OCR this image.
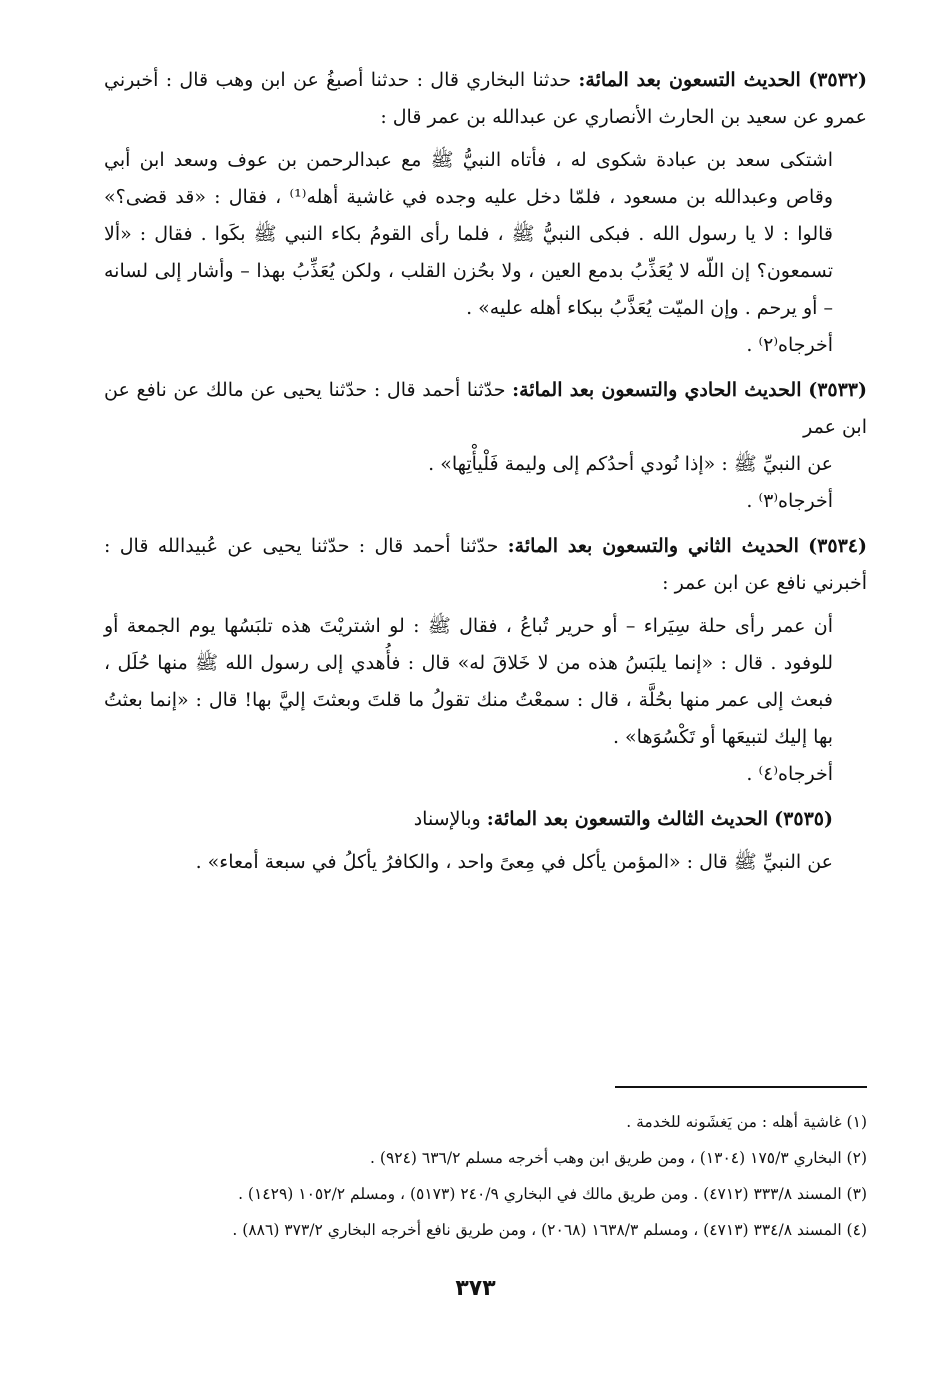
(٣٥٣٢) الحديث التسعون بعد المائة: حدثنا البخاري قال : حدثنا أصبغُ عن ابن وهب قال : أخبرني عمرو عن سعيد بن الحارث الأنصاري عن عبدالله بن عمر قال :

اشتكى سعد بن عبادة شكوى له ، فأتاه النبيُّ ﷺ مع عبدالرحمن بن عوف وسعد ابن أبي وقاص وعبدالله بن مسعود ، فلمّا دخل عليه وجده في غاشية أهله⁽¹⁾ ، فقال : «قد قضى؟» قالوا : لا يا رسول الله . فبكى النبيُّ ﷺ ، فلما رأى القومُ بكاء النبي ﷺ بكَوا . فقال : «ألا تسمعون؟ إن اللّه لا يُعَذِّبُ بدمع العين ، ولا بحُزن القلب ، ولكن يُعَذِّبُ بهذا – وأشار إلى لسانه – أو يرحم . وإن الميّت يُعَذَّبُ ببكاء أهله عليه» .

أخرجاه⁽٢⁾ .

(٣٥٣٣) الحديث الحادي والتسعون بعد المائة: حدّثنا أحمد قال : حدّثنا يحيى عن مالك عن نافع عن ابن عمر

عن النبيِّ ﷺ : «إذا نُودي أحدُكم إلى وليمة فَلْيأْتِها» .

أخرجاه⁽٣⁾ .

(٣٥٣٤) الحديث الثاني والتسعون بعد المائة: حدّثنا أحمد قال : حدّثنا يحيى عن عُبيدالله قال : أخبرني نافع عن ابن عمر :

أن عمر رأى حلة سِيَراء – أو حرير تُباعُ ، فقال ﷺ : لو اشتريْتَ هذه تلبَسُها يوم الجمعة أو للوفود . قال : «إنما يلبَسُ هذه من لا خَلاقَ له» قال : فأُهدي إلى رسول الله ﷺ منها حُلَل ، فبعث إلى عمر منها بحُلَّة ، قال : سمعْتُ منك تقولُ ما قلتَ وبعثتَ إليَّ بها! قال : «إنما بعثتُ بها إليك لتبيعَها أو تَكْسُوَها» .

أخرجاه⁽٤⁾ .

(٣٥٣٥) الحديث الثالث والتسعون بعد المائة: وبالإسناد

عن النبيِّ ﷺ قال : «المؤمن يأكل في مِعىً واحد ، والكافرُ يأكلُ في سبعة أمعاء» .

(١) غاشية أهله : من يَغشَونه للخدمة .

(٢) البخاري ١٧٥/٣ (١٣٠٤) ، ومن طريق ابن وهب أخرجه مسلم ٦٣٦/٢ (٩٢٤) .

(٣) المسند ٣٣٣/٨ (٤٧١٢) . ومن طريق مالك في البخاري ٢٤٠/٩ (٥١٧٣) ، ومسلم ١٠٥٢/٢ (١٤٢٩) .

(٤) المسند ٣٣٤/٨ (٤٧١٣) ، ومسلم ١٦٣٨/٣ (٢٠٦٨) ، ومن طريق نافع أخرجه البخاري ٣٧٣/٢ (٨٨٦) .

٣٧٣
